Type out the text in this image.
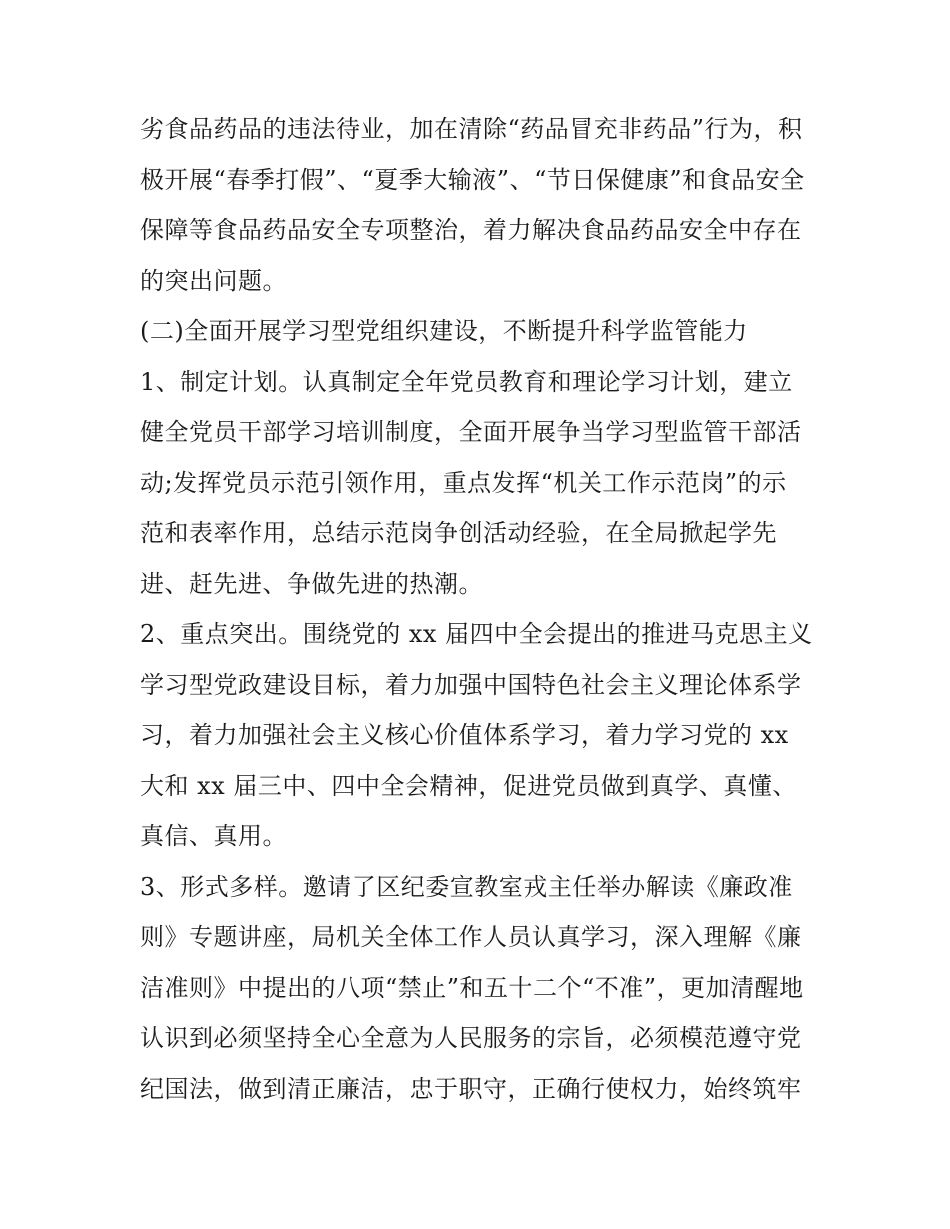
劣食品药品的违法待业，加在清除“药品冒充非药品”行为，积
极开展“春季打假”、“夏季大输液”、“节日保健康”和食品安全
保障等食品药品安全专项整治，着力解决食品药品安全中存在
的突出问题。
(二)全面开展学习型党组织建设，不断提升科学监管能力
1、制定计划。认真制定全年党员教育和理论学习计划，建立
健全党员干部学习培训制度，全面开展争当学习型监管干部活
动;发挥党员示范引领作用，重点发挥“机关工作示范岗”的示
范和表率作用，总结示范岗争创活动经验，在全局掀起学先
进、赶先进、争做先进的热潮。
2、重点突出。围绕党的 xx 届四中全会提出的推进马克思主义
学习型党政建设目标，着力加强中国特色社会主义理论体系学
习，着力加强社会主义核心价值体系学习，着力学习党的 xx
大和 xx 届三中、四中全会精神，促进党员做到真学、真懂、
真信、真用。
3、形式多样。邀请了区纪委宣教室戎主任举办解读《廉政准
则》专题讲座，局机关全体工作人员认真学习，深入理解《廉
洁准则》中提出的八项“禁止”和五十二个“不准”，更加清醒地
认识到必须坚持全心全意为人民服务的宗旨，必须模范遵守党
纪国法，做到清正廉洁，忠于职守，正确行使权力，始终筑牢
